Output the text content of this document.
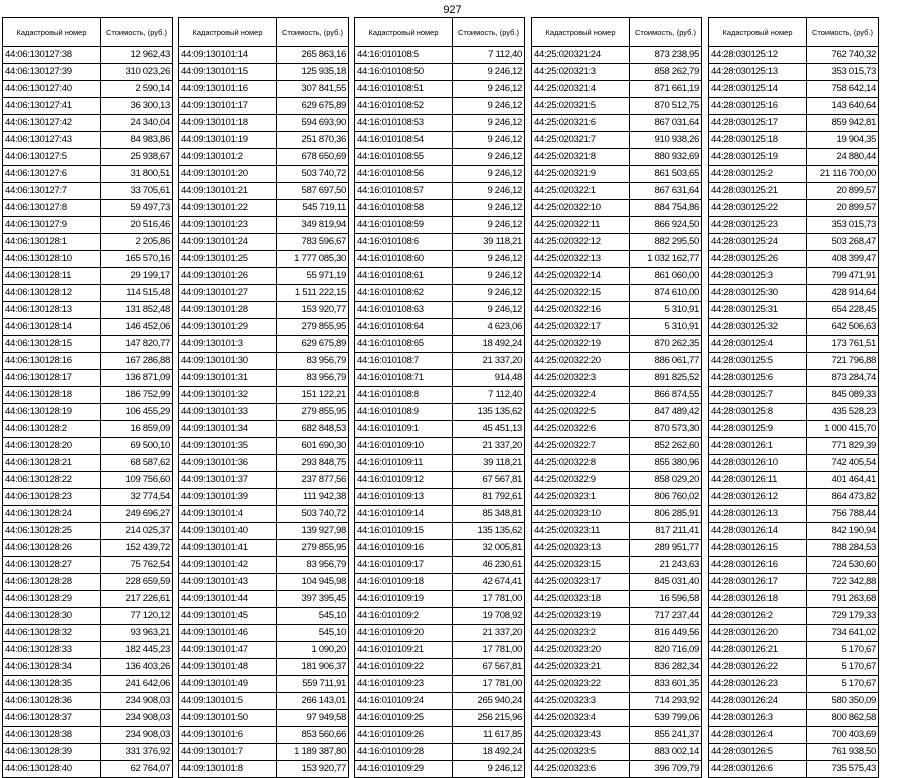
927
Кадастровый номер	Стоимость, (руб.)
44:06:130127:38	12 962,43
44:06:130127:39	310 023,26
44:06:130127:40	2 590,14
44:06:130127:41	36 300,13
44:06:130127:42	24 340,04
44:06:130127:43	84 983,86
44:06:130127:5	25 938,67
44:06:130127:6	31 800,51
44:06:130127:7	33 705,61
44:06:130127:8	59 497,73
44:06:130127:9	20 516,46
44:06:130128:1	2 205,86
44:06:130128:10	165 570,16
44:06:130128:11	29 199,17
44:06:130128:12	114 515,48
44:06:130128:13	131 852,48
44:06:130128:14	146 452,06
44:06:130128:15	147 820,77
44:06:130128:16	167 286,88
44:06:130128:17	136 871,09
44:06:130128:18	186 752,99
44:06:130128:19	106 455,29
44:06:130128:2	16 859,09
44:06:130128:20	69 500,10
44:06:130128:21	68 587,62
44:06:130128:22	109 756,60
44:06:130128:23	32 774,54
44:06:130128:24	249 696,27
44:06:130128:25	214 025,37
44:06:130128:26	152 439,72
44:06:130128:27	75 762,54
44:06:130128:28	228 659,59
44:06:130128:29	217 226,61
44:06:130128:30	77 120,12
44:06:130128:32	93 963,21
44:06:130128:33	182 445,23
44:06:130128:34	136 403,26
44:06:130128:35	241 642,06
44:06:130128:36	234 908,03
44:06:130128:37	234 908,03
44:06:130128:38	234 908,03
44:06:130128:39	331 376,92
44:06:130128:40	62 764,07
Кадастровый номер	Стоимость, (руб.)
44:09:130101:14	265 863,16
44:09:130101:15	125 935,18
44:09:130101:16	307 841,55
44:09:130101:17	629 675,89
44:09:130101:18	594 693,90
44:09:130101:19	251 870,36
44:09:130101:2	678 650,69
44:09:130101:20	503 740,72
44:09:130101:21	587 697,50
44:09:130101:22	545 719,11
44:09:130101:23	349 819,94
44:09:130101:24	783 596,67
44:09:130101:25	1 777 085,30
44:09:130101:26	55 971,19
44:09:130101:27	1 511 222,15
44:09:130101:28	153 920,77
44:09:130101:29	279 855,95
44:09:130101:3	629 675,89
44:09:130101:30	83 956,79
44:09:130101:31	83 956,79
44:09:130101:32	151 122,21
44:09:130101:33	279 855,95
44:09:130101:34	682 848,53
44:09:130101:35	601 690,30
44:09:130101:36	293 848,75
44:09:130101:37	237 877,56
44:09:130101:39	111 942,38
44:09:130101:4	503 740,72
44:09:130101:40	139 927,98
44:09:130101:41	279 855,95
44:09:130101:42	83 956,79
44:09:130101:43	104 945,98
44:09:130101:44	397 395,45
44:09:130101:45	545,10
44:09:130101:46	545,10
44:09:130101:47	1 090,20
44:09:130101:48	181 906,37
44:09:130101:49	559 711,91
44:09:130101:5	266 143,01
44:09:130101:50	97 949,58
44:09:130101:6	853 560,66
44:09:130101:7	1 189 387,80
44:09:130101:8	153 920,77
Кадастровый номер	Стоимость, (руб.)
44:16:010108:5	7 112,40
44:16:010108:50	9 246,12
44:16:010108:51	9 246,12
44:16:010108:52	9 246,12
44:16:010108:53	9 246,12
44:16:010108:54	9 246,12
44:16:010108:55	9 246,12
44:16:010108:56	9 246,12
44:16:010108:57	9 246,12
44:16:010108:58	9 246,12
44:16:010108:59	9 246,12
44:16:010108:6	39 118,21
44:16:010108:60	9 246,12
44:16:010108:61	9 246,12
44:16:010108:62	9 246,12
44:16:010108:63	9 246,12
44:16:010108:64	4 623,06
44:16:010108:65	18 492,24
44:16:010108:7	21 337,20
44:16:010108:71	914,48
44:16:010108:8	7 112,40
44:16:010108:9	135 135,62
44:16:010109:1	45 451,13
44:16:010109:10	21 337,20
44:16:010109:11	39 118,21
44:16:010109:12	67 567,81
44:16:010109:13	81 792,61
44:16:010109:14	85 348,81
44:16:010109:15	135 135,62
44:16:010109:16	32 005,81
44:16:010109:17	46 230,61
44:16:010109:18	42 674,41
44:16:010109:19	17 781,00
44:16:010109:2	19 708,92
44:16:010109:20	21 337,20
44:16:010109:21	17 781,00
44:16:010109:22	67 567,81
44:16:010109:23	17 781,00
44:16:010109:24	265 940,24
44:16:010109:25	256 215,96
44:16:010109:26	11 617,85
44:16:010109:28	18 492,24
44:16:010109:29	9 246,12
Кадастровый номер	Стоимость, (руб.)
44:25:020321:24	873 238,95
44:25:020321:3	858 262,79
44:25:020321:4	871 661,19
44:25:020321:5	870 512,75
44:25:020321:6	867 031,64
44:25:020321:7	910 938,26
44:25:020321:8	880 932,69
44:25:020321:9	861 503,65
44:25:020322:1	867 631,64
44:25:020322:10	884 754,86
44:25:020322:11	866 924,50
44:25:020322:12	882 295,50
44:25:020322:13	1 032 162,77
44:25:020322:14	861 060,00
44:25:020322:15	874 610,00
44:25:020322:16	5 310,91
44:25:020322:17	5 310,91
44:25:020322:19	870 262,35
44:25:020322:20	886 061,77
44:25:020322:3	891 825,52
44:25:020322:4	866 874,55
44:25:020322:5	847 489,42
44:25:020322:6	870 573,30
44:25:020322:7	852 262,60
44:25:020322:8	855 380,96
44:25:020322:9	858 029,20
44:25:020323:1	806 760,02
44:25:020323:10	806 285,91
44:25:020323:11	817 211,41
44:25:020323:13	289 951,77
44:25:020323:15	21 243,63
44:25:020323:17	845 031,40
44:25:020323:18	16 596,58
44:25:020323:19	717 237,44
44:25:020323:2	816 449,56
44:25:020323:20	820 716,09
44:25:020323:21	836 282,34
44:25:020323:22	833 601,35
44:25:020323:3	714 293,92
44:25:020323:4	539 799,06
44:25:020323:43	855 241,37
44:25:020323:5	883 002,14
44:25:020323:6	396 709,79
Кадастровый номер	Стоимость, (руб.)
44:28:030125:12	762 740,32
44:28:030125:13	353 015,73
44:28:030125:14	758 642,14
44:28:030125:16	143 640,64
44:28:030125:17	859 942,81
44:28:030125:18	19 904,35
44:28:030125:19	24 880,44
44:28:030125:2	21 116 700,00
44:28:030125:21	20 899,57
44:28:030125:22	20 899,57
44:28:030125:23	353 015,73
44:28:030125:24	503 268,47
44:28:030125:26	408 399,47
44:28:030125:3	799 471,91
44:28:030125:30	428 914,64
44:28:030125:31	654 228,45
44:28:030125:32	642 506,63
44:28:030125:4	173 761,51
44:28:030125:5	721 796,88
44:28:030125:6	873 284,74
44:28:030125:7	845 089,33
44:28:030125:8	435 528,23
44:28:030125:9	1 000 415,70
44:28:030126:1	771 829,39
44:28:030126:10	742 405,54
44:28:030126:11	401 464,41
44:28:030126:12	864 473,82
44:28:030126:13	756 788,44
44:28:030126:14	842 190,94
44:28:030126:15	788 284,53
44:28:030126:16	724 530,60
44:28:030126:17	722 342,88
44:28:030126:18	791 263,68
44:28:030126:2	729 179,33
44:28:030126:20	734 641,02
44:28:030126:21	5 170,67
44:28:030126:22	5 170,67
44:28:030126:23	5 170,67
44:28:030126:24	580 350,09
44:28:030126:3	800 862,58
44:28:030126:4	700 403,69
44:28:030126:5	761 938,50
44:28:030126:6	735 575,43
